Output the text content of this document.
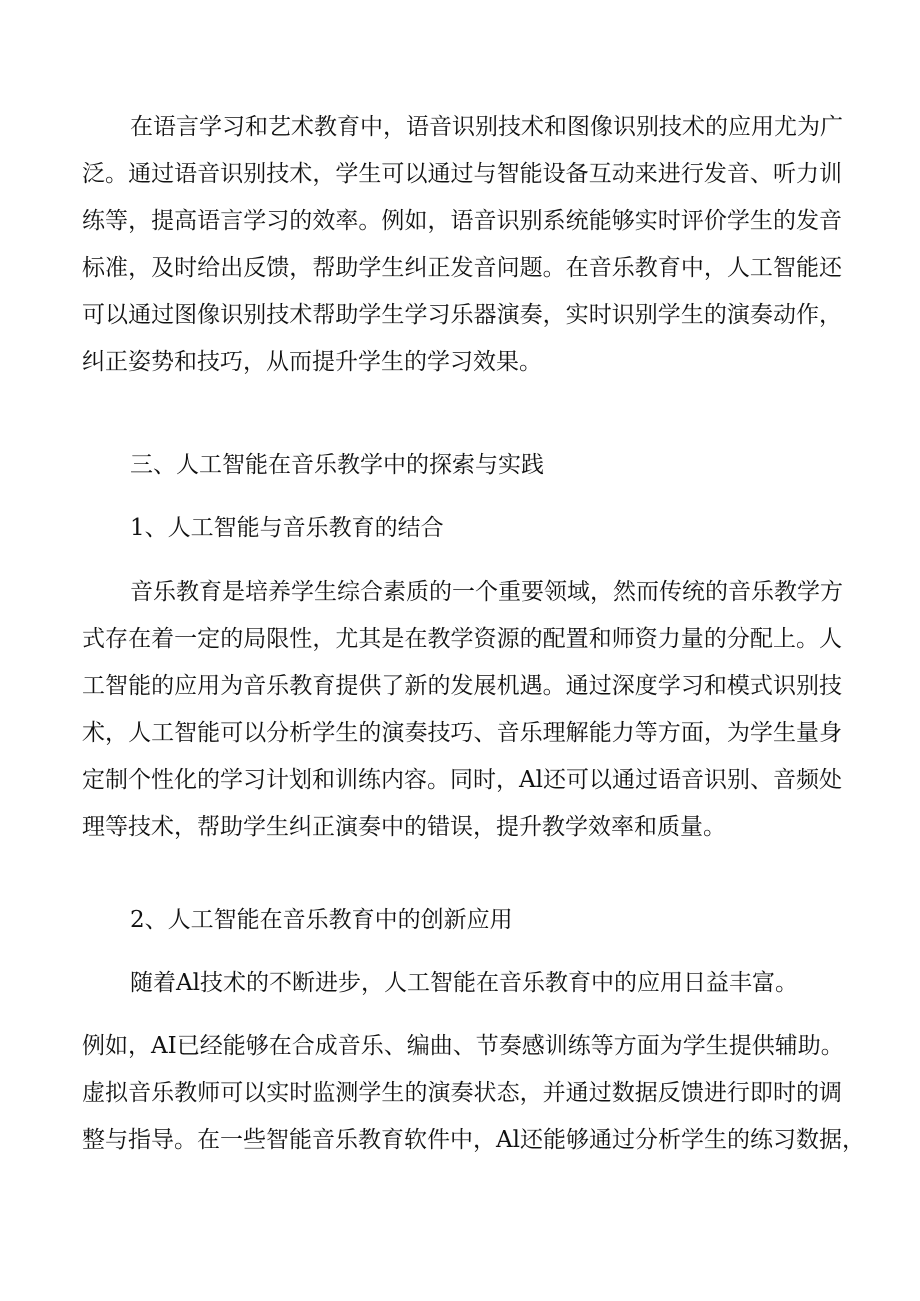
在语言学习和艺术教育中，语音识别技术和图像识别技术的应用尤为广
泛。通过语音识别技术，学生可以通过与智能设备互动来进行发音、听力训
练等，提高语言学习的效率。例如，语音识别系统能够实时评价学生的发音
标准，及时给出反馈，帮助学生纠正发音问题。在音乐教育中，人工智能还
可以通过图像识别技术帮助学生学习乐器演奏，实时识别学生的演奏动作，
纠正姿势和技巧，从而提升学生的学习效果。
三、人工智能在音乐教学中的探索与实践
1、人工智能与音乐教育的结合
音乐教育是培养学生综合素质的一个重要领域，然而传统的音乐教学方
式存在着一定的局限性，尤其是在教学资源的配置和师资力量的分配上。人
工智能的应用为音乐教育提供了新的发展机遇。通过深度学习和模式识别技
术，人工智能可以分析学生的演奏技巧、音乐理解能力等方面，为学生量身
定制个性化的学习计划和训练内容。同时，Al还可以通过语音识别、音频处
理等技术，帮助学生纠正演奏中的错误，提升教学效率和质量。
2、人工智能在音乐教育中的创新应用
随着Al技术的不断进步，人工智能在音乐教育中的应用日益丰富。
例如，AI已经能够在合成音乐、编曲、节奏感训练等方面为学生提供辅助。
虚拟音乐教师可以实时监测学生的演奏状态，并通过数据反馈进行即时的调
整与指导。在一些智能音乐教育软件中，Al还能够通过分析学生的练习数据，
